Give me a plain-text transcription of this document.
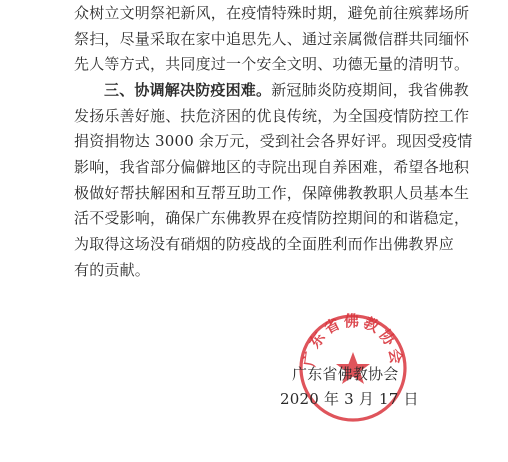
众树立文明祭祀新风，在疫情特殊时期，避免前往殡葬场所
祭扫，尽量采取在家中追思先人、通过亲属微信群共同缅怀
先人等方式，共同度过一个安全文明、功德无量的清明节。
三、协调解决防疫困难。新冠肺炎防疫期间，我省佛教
发扬乐善好施、扶危济困的优良传统，为全国疫情防控工作
捐资捐物达 3000 余万元，受到社会各界好评。现因受疫情
影响，我省部分偏僻地区的寺院出现自养困难，希望各地积
极做好帮扶解困和互帮互助工作，保障佛教教职人员基本生
活不受影响，确保广东佛教界在疫情防控期间的和谐稳定，
为取得这场没有硝烟的防疫战的全面胜利而作出佛教界应
有的贡献。
广东省佛教协会
广东省佛教协会
2020 年 3 月 17 日
